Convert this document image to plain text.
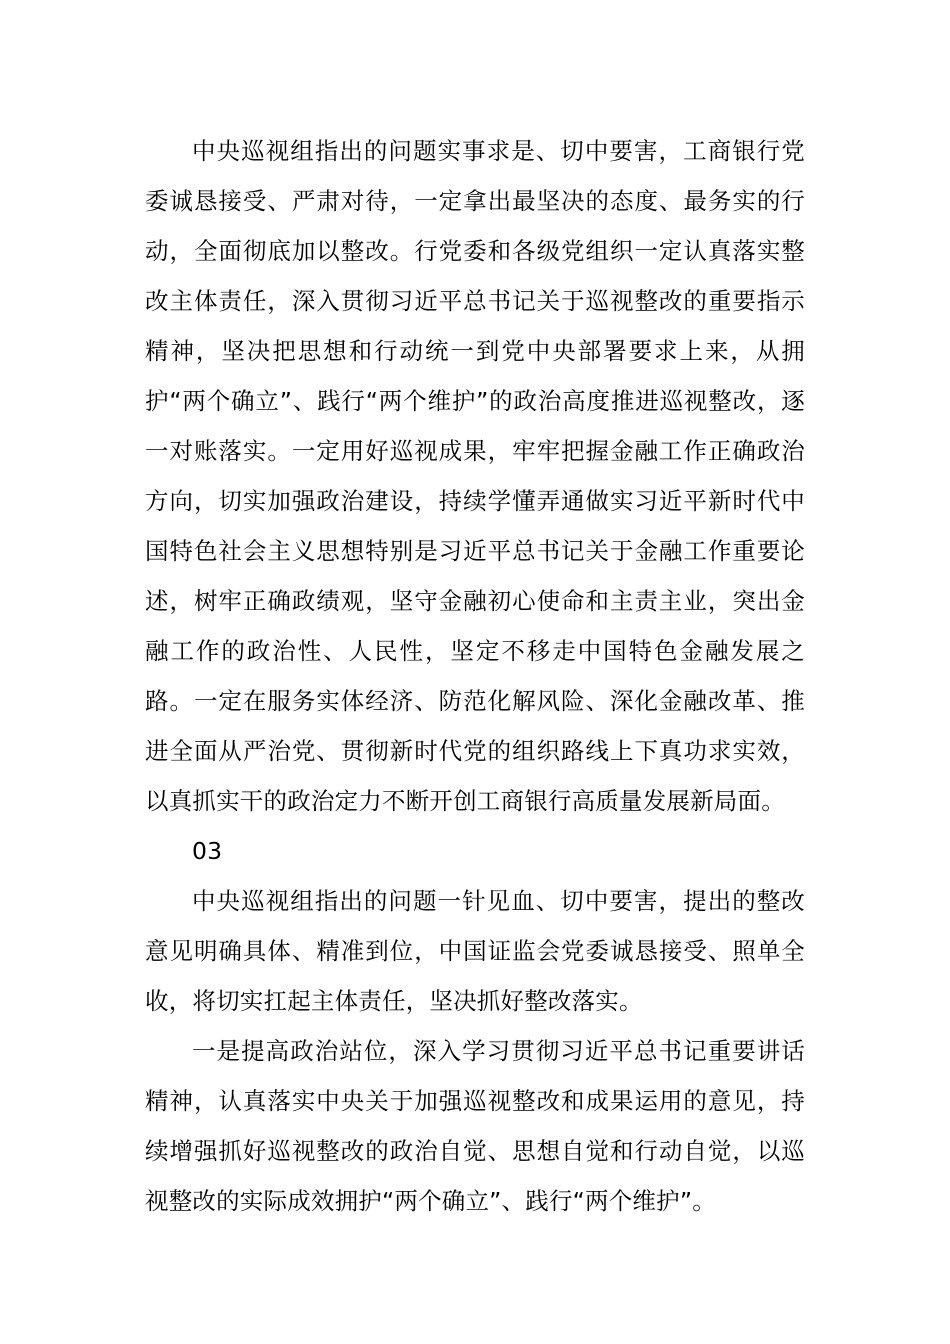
中央巡视组指出的问题实事求是、切中要害，工商银行党委诚恳接受、严肃对待，一定拿出最坚决的态度、最务实的行动，全面彻底加以整改。行党委和各级党组织一定认真落实整改主体责任，深入贯彻习近平总书记关于巡视整改的重要指示精神，坚决把思想和行动统一到党中央部署要求上来，从拥护“两个确立”、践行“两个维护”的政治高度推进巡视整改，逐一对账落实。一定用好巡视成果，牢牢把握金融工作正确政治方向，切实加强政治建设，持续学懂弄通做实习近平新时代中国特色社会主义思想特别是习近平总书记关于金融工作重要论述，树牢正确政绩观，坚守金融初心使命和主责主业，突出金融工作的政治性、人民性，坚定不移走中国特色金融发展之路。一定在服务实体经济、防范化解风险、深化金融改革、推进全面从严治党、贯彻新时代党的组织路线上下真功求实效，以真抓实干的政治定力不断开创工商银行高质量发展新局面。

03

中央巡视组指出的问题一针见血、切中要害，提出的整改意见明确具体、精准到位，中国证监会党委诚恳接受、照单全收，将切实扛起主体责任，坚决抓好整改落实。

一是提高政治站位，深入学习贯彻习近平总书记重要讲话精神，认真落实中央关于加强巡视整改和成果运用的意见，持续增强抓好巡视整改的政治自觉、思想自觉和行动自觉，以巡视整改的实际成效拥护“两个确立”、践行“两个维护”。
